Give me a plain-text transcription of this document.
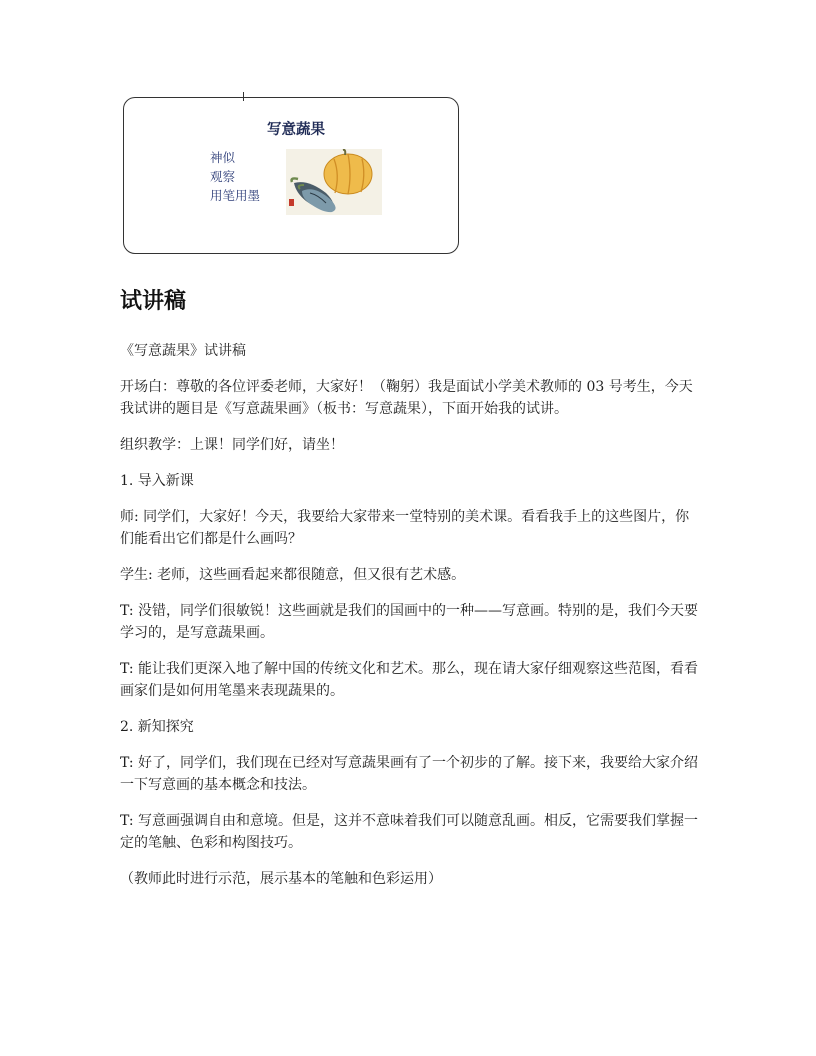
写意蔬果
神似
观察
用笔用墨
试讲稿

《写意蔬果》试讲稿

开场白：尊敬的各位评委老师，大家好！（鞠躬）我是面试小学美术教师的 03 号考生，今天我试讲的题目是《写意蔬果画》（板书：写意蔬果），下面开始我的试讲。

组织教学：上课！同学们好，请坐！

1. 导入新课

师: 同学们，大家好！今天，我要给大家带来一堂特别的美术课。看看我手上的这些图片，你们能看出它们都是什么画吗？

学生: 老师，这些画看起来都很随意，但又很有艺术感。

T: 没错，同学们很敏锐！这些画就是我们的国画中的一种——写意画。特别的是，我们今天要学习的，是写意蔬果画。

T: 能让我们更深入地了解中国的传统文化和艺术。那么，现在请大家仔细观察这些范图，看看画家们是如何用笔墨来表现蔬果的。

2. 新知探究

T: 好了，同学们，我们现在已经对写意蔬果画有了一个初步的了解。接下来，我要给大家介绍一下写意画的基本概念和技法。

T: 写意画强调自由和意境。但是，这并不意味着我们可以随意乱画。相反，它需要我们掌握一定的笔触、色彩和构图技巧。

（教师此时进行示范，展示基本的笔触和色彩运用）
